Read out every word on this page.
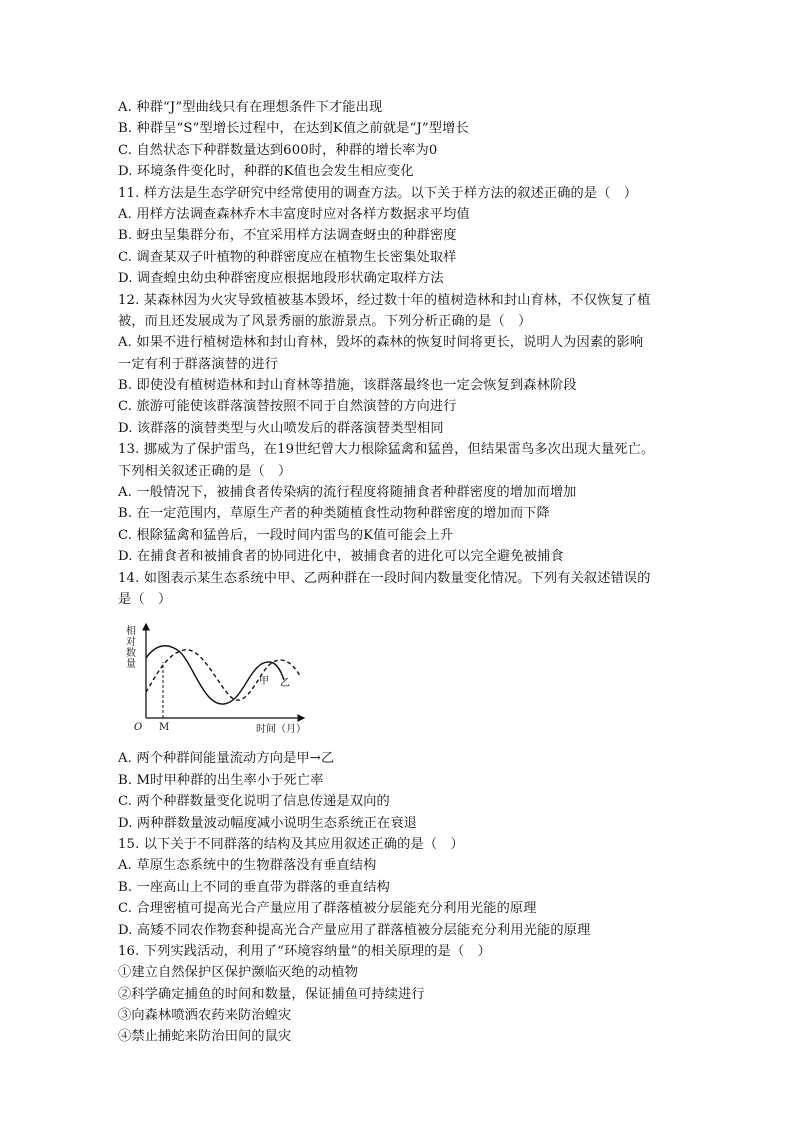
A. 种群“J”型曲线只有在理想条件下才能出现
B. 种群呈“S”型增长过程中，在达到K值之前就是“J”型增长
C. 自然状态下种群数量达到600时，种群的增长率为0
D. 环境条件变化时，种群的K值也会发生相应变化
11. 样方法是生态学研究中经常使用的调查方法。以下关于样方法的叙述正确的是（　）
A. 用样方法调查森林乔木丰富度时应对各样方数据求平均值
B. 蚜虫呈集群分布，不宜采用样方法调查蚜虫的种群密度
C. 调查某双子叶植物的种群密度应在植物生长密集处取样
D. 调查蝗虫幼虫种群密度应根据地段形状确定取样方法
12. 某森林因为火灾导致植被基本毁坏，经过数十年的植树造林和封山育林，不仅恢复了植
被，而且还发展成为了风景秀丽的旅游景点。下列分析正确的是（　）
A. 如果不进行植树造林和封山育林，毁坏的森林的恢复时间将更长，说明人为因素的影响
一定有利于群落演替的进行
B. 即使没有植树造林和封山育林等措施，该群落最终也一定会恢复到森林阶段
C. 旅游可能使该群落演替按照不同于自然演替的方向进行
D. 该群落的演替类型与火山喷发后的群落演替类型相同
13. 挪威为了保护雷鸟，在19世纪曾大力根除猛禽和猛兽，但结果雷鸟多次出现大量死亡。
下列相关叙述正确的是（　）
A. 一般情况下，被捕食者传染病的流行程度将随捕食者种群密度的增加而增加
B. 在一定范围内，草原生产者的种类随植食性动物种群密度的增加而下降
C. 根除猛禽和猛兽后，一段时间内雷鸟的K值可能会上升
D. 在捕食者和被捕食者的协同进化中，被捕食者的进化可以完全避免被捕食
14. 如图表示某生态系统中甲、乙两种群在一段时间内数量变化情况。下列有关叙述错误的
是（　）
相
对
数
量
O M
甲 乙
时间（月）
A. 两个种群间能量流动方向是甲→乙
B. M时甲种群的出生率小于死亡率
C. 两个种群数量变化说明了信息传递是双向的
D. 两种群数量波动幅度减小说明生态系统正在衰退
15. 以下关于不同群落的结构及其应用叙述正确的是（　）
A. 草原生态系统中的生物群落没有垂直结构
B. 一座高山上不同的垂直带为群落的垂直结构
C. 合理密植可提高光合产量应用了群落植被分层能充分利用光能的原理
D. 高矮不同农作物套种提高光合产量应用了群落植被分层能充分利用光能的原理
16. 下列实践活动，利用了“环境容纳量”的相关原理的是（　）
①建立自然保护区保护濒临灭绝的动植物
②科学确定捕鱼的时间和数量，保证捕鱼可持续进行
③向森林喷洒农药来防治蝗灾
④禁止捕蛇来防治田间的鼠灾
